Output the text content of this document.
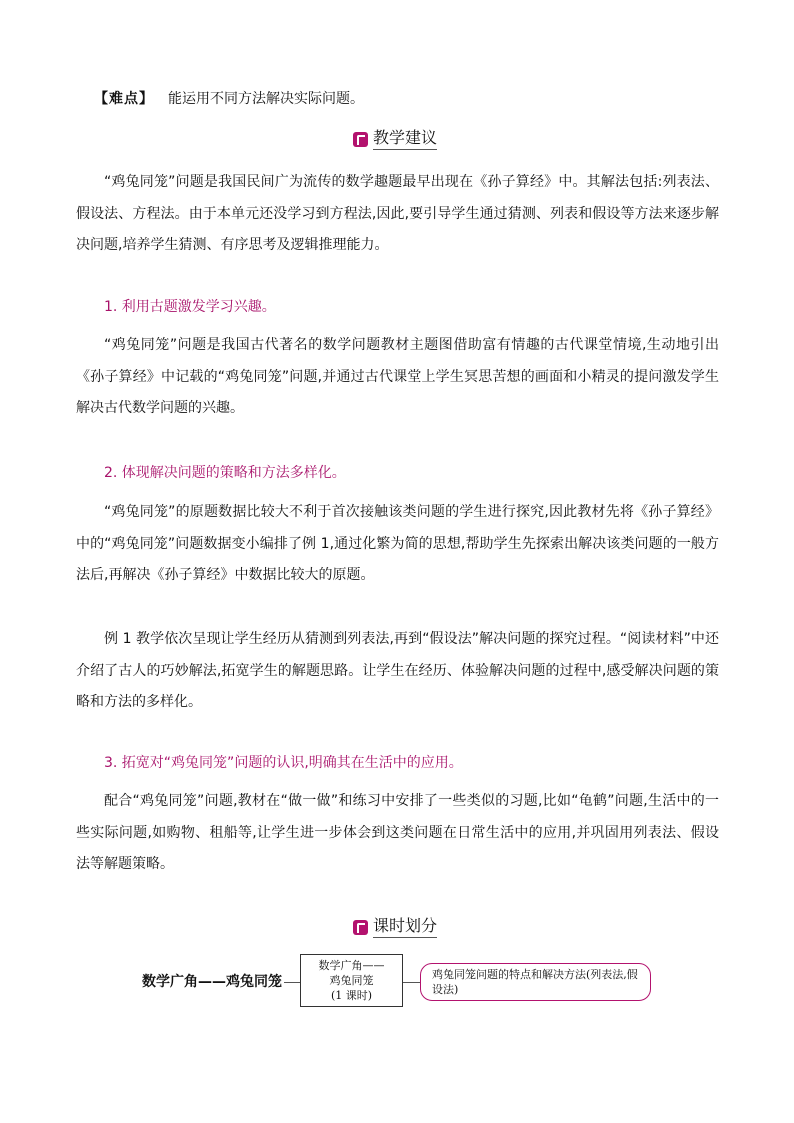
【难点】 能运用不同方法解决实际问题。
教学建议

“鸡兔同笼”问题是我国民间广为流传的数学趣题最早出现在《孙子算经》中。其解法包括:列表法、假设法、方程法。由于本单元还没学习到方程法,因此,要引导学生通过猜测、列表和假设等方法来逐步解决问题,培养学生猜测、有序思考及逻辑推理能力。

1. 利用古题激发学习兴趣。

“鸡兔同笼”问题是我国古代著名的数学问题教材主题图借助富有情趣的古代课堂情境,生动地引出《孙子算经》中记载的“鸡兔同笼”问题,并通过古代课堂上学生冥思苦想的画面和小精灵的提问激发学生解决古代数学问题的兴趣。

2. 体现解决问题的策略和方法多样化。

“鸡兔同笼”的原题数据比较大不利于首次接触该类问题的学生进行探究,因此教材先将《孙子算经》中的“鸡兔同笼”问题数据变小编排了例 1,通过化繁为简的思想,帮助学生先探索出解决该类问题的一般方法后,再解决《孙子算经》中数据比较大的原题。

例 1 教学依次呈现让学生经历从猜测到列表法,再到“假设法”解决问题的探究过程。“阅读材料”中还介绍了古人的巧妙解法,拓宽学生的解题思路。让学生在经历、体验解决问题的过程中,感受解决问题的策略和方法的多样化。

3. 拓宽对“鸡兔同笼”问题的认识,明确其在生活中的应用。

配合“鸡兔同笼”问题,教材在“做一做”和练习中安排了一些类似的习题,比如“龟鹤”问题,生活中的一些实际问题,如购物、租船等,让学生进一步体会到这类问题在日常生活中的应用,并巩固用列表法、假设法等解题策略。

课时划分
数学广角——鸡兔同笼
数学广角——
鸡兔同笼
(1 课时)
鸡兔同笼问题的特点和解决方法(列表法,假设法)
